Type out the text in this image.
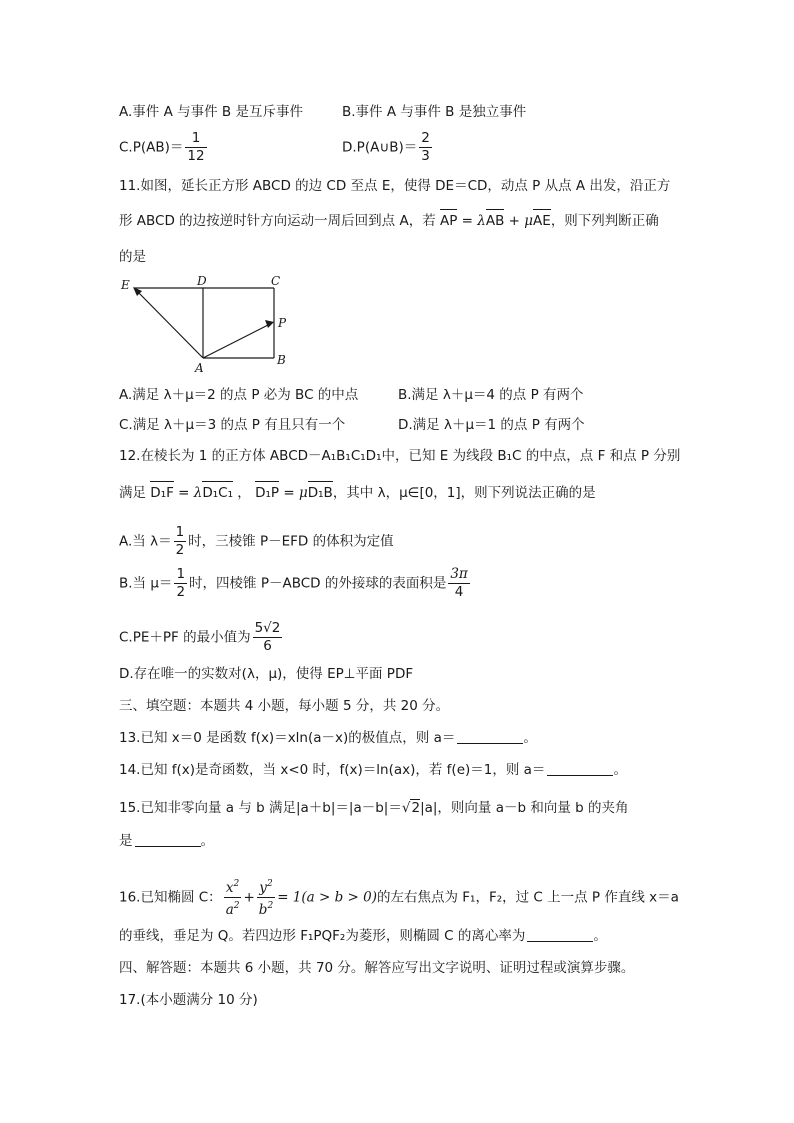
A.事件 A 与事件 B 是互斥事件	B.事件 A 与事件 B 是独立事件
$C.P(AB)= \frac{1}{12}$	D.P(A∪B)＝ $\frac{2}{3}$
11.如图，延长正方形 ABCD 的边 CD 至点 E，使得 DE＝CD，动点 P 从点 A 出发，沿正方
形 ABCD 的边按逆时针方向运动一周后回到点 A，若 AP = λAB + μAE，则下列判断正确
的是
E	D	C
P
A
B
A.满足 λ＋μ＝2 的点 P 必为 BC 的中点	B.满足 λ＋μ＝4 的点 P 有两个
C.满足 λ＋μ＝3 的点 P 有且只有一个	D.满足 λ＋μ＝1 的点 P 有两个
12.在棱长为 1 的正方体 ABCD－A₁B₁C₁D₁中，已知 E 为线段 B₁C 的中点，点 F 和点 P 分别
满足 D₁F = λD₁C₁ ， D₁P = μD₁B，其中 λ，μ∈[0，1]，则下列说法正确的是
A.当 $\lambda= \frac{1}{2}$ 时，三棱锥 P－EFD 的体积为定值
B.当 $\mu= \frac{1}{2}$ 时，四棱锥 P－ABCD 的外接球的表面积是 $\frac{3\pi}{4}$
C.PE＋PF 的最小值为 $\frac{5√2}{6}$
D.存在唯一的实数对(λ，μ)，使得 EP⊥平面 PDF
三、填空题：本题共 4 小题，每小题 5 分，共 20 分。
13.已知 x＝0 是函数 f(x)＝xln(a－x)的极值点，则 a＝	。
14.已知 f(x)是奇函数，当 x<0 时，f(x)＝ln(ax)，若 f(e)＝1，则 a＝	。
15.已知非零向量 a 与 b 满足|a＋b|＝|a－b|＝√2|a|，则向量 a－b 和向量 b 的夹角
是	。
16.已知椭圆 C： $\frac{x^2}{a^2} + \frac{y^2}{b^2} = 1(a > b > 0)$的左右焦点为 F₁，F₂，过 C 上一点 P 作直线 x＝a
的垂线，垂足为 Q。若四边形 F₁PQF₂为菱形，则椭圆 C 的离心率为	。
四、解答题：本题共 6 小题，共 70 分。解答应写出文字说明、证明过程或演算步骤。
17.(本小题满分 10 分)
